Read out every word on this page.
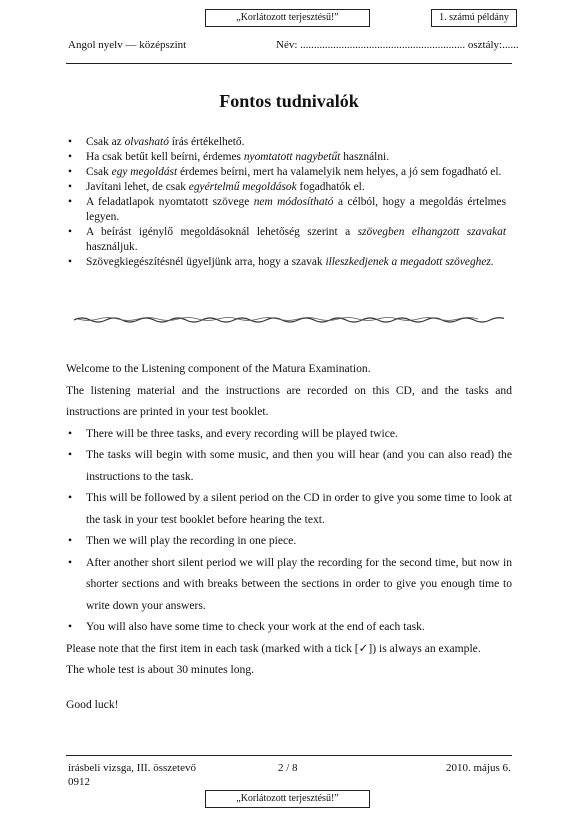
„Korlátozott terjesztésű!”	1. számú példány
Angol nyelv — középszint	Név: ............................................................ osztály:......
Fontos tudnivalók
• Csak az olvasható írás értékelhető.
• Ha csak betűt kell beírni, érdemes nyomtatott nagybetűt használni.
• Csak egy megoldást érdemes beírni, mert ha valamelyik nem helyes, a jó sem fogadható el.
• Javítani lehet, de csak egyértelmű megoldások fogadhatók el.
• A feladatlapok nyomtatott szövege nem módosítható a célból, hogy a megoldás értelmes legyen.
• A beírást igénylő megoldásoknál lehetőség szerint a szövegben elhangzott szavakat használjuk.
• Szövegkiegészítésnél ügyeljünk arra, hogy a szavak illeszkedjenek a megadott szöveghez.

Welcome to the Listening component of the Matura Examination.

The listening material and the instructions are recorded on this CD, and the tasks and instructions are printed in your test booklet.

• There will be three tasks, and every recording will be played twice.
• The tasks will begin with some music, and then you will hear (and you can also read) the instructions to the task.
• This will be followed by a silent period on the CD in order to give you some time to look at the task in your test booklet before hearing the text.
• Then we will play the recording in one piece.
• After another short silent period we will play the recording for the second time, but now in shorter sections and with breaks between the sections in order to give you enough time to write down your answers.
• You will also have some time to check your work at the end of each task.

Please note that the first item in each task (marked with a tick [✓]) is always an example.

The whole test is about 30 minutes long.

Good luck!

írásbeli vizsga, III. összetevő
0912
2 / 8	2010. május 6.
„Korlátozott terjesztésű!”
